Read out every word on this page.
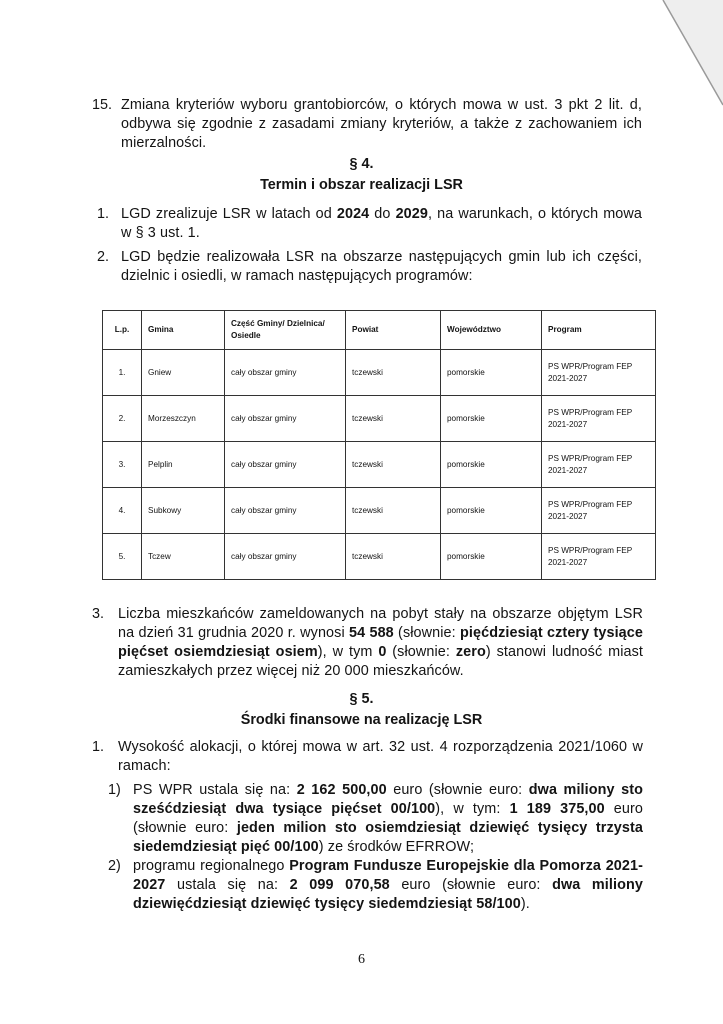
15. Zmiana kryteriów wyboru grantobiorców, o których mowa w ust. 3 pkt 2 lit. d, odbywa się zgodnie z zasadami zmiany kryteriów, a także z zachowaniem ich mierzalności.
§ 4.
Termin i obszar realizacji LSR
1. LGD zrealizuje LSR w latach od 2024 do 2029, na warunkach, o których mowa w § 3 ust. 1.
2. LGD będzie realizowała LSR na obszarze następujących gmin lub ich części, dzielnic i osiedli, w ramach następujących programów:
L.p.	Gmina	Część Gminy/ Dzielnica/ Osiedle	Powiat	Województwo	Program
1.	Gniew	cały obszar gminy	tczewski	pomorskie	PS WPR/Program FEP 2021-2027
2.	Morzeszczyn	cały obszar gminy	tczewski	pomorskie	PS WPR/Program FEP 2021-2027
3.	Pelplin	cały obszar gminy	tczewski	pomorskie	PS WPR/Program FEP 2021-2027
4.	Subkowy	cały obszar gminy	tczewski	pomorskie	PS WPR/Program FEP 2021-2027
5.	Tczew	cały obszar gminy	tczewski	pomorskie	PS WPR/Program FEP 2021-2027
3. Liczba mieszkańców zameldowanych na pobyt stały na obszarze objętym LSR na dzień 31 grudnia 2020 r. wynosi 54 588 (słownie: pięćdziesiąt cztery tysiące pięćset osiemdziesiąt osiem), w tym 0 (słownie: zero) stanowi ludność miast zamieszkałych przez więcej niż 20 000 mieszkańców.
§ 5.
Środki finansowe na realizację LSR
1. Wysokość alokacji, o której mowa w art. 32 ust. 4 rozporządzenia 2021/1060 w ramach:
1) PS WPR ustala się na: 2 162 500,00 euro (słownie euro: dwa miliony sto sześćdziesiąt dwa tysiące pięćset 00/100), w tym: 1 189 375,00 euro (słownie euro: jeden milion sto osiemdziesiąt dziewięć tysięcy trzysta siedemdziesiąt pięć 00/100) ze środków EFRROW;
2) programu regionalnego Program Fundusze Europejskie dla Pomorza 2021-2027 ustala się na: 2 099 070,58 euro (słownie euro: dwa miliony dziewięćdziesiąt dziewięć tysięcy siedemdziesiąt 58/100).
6
